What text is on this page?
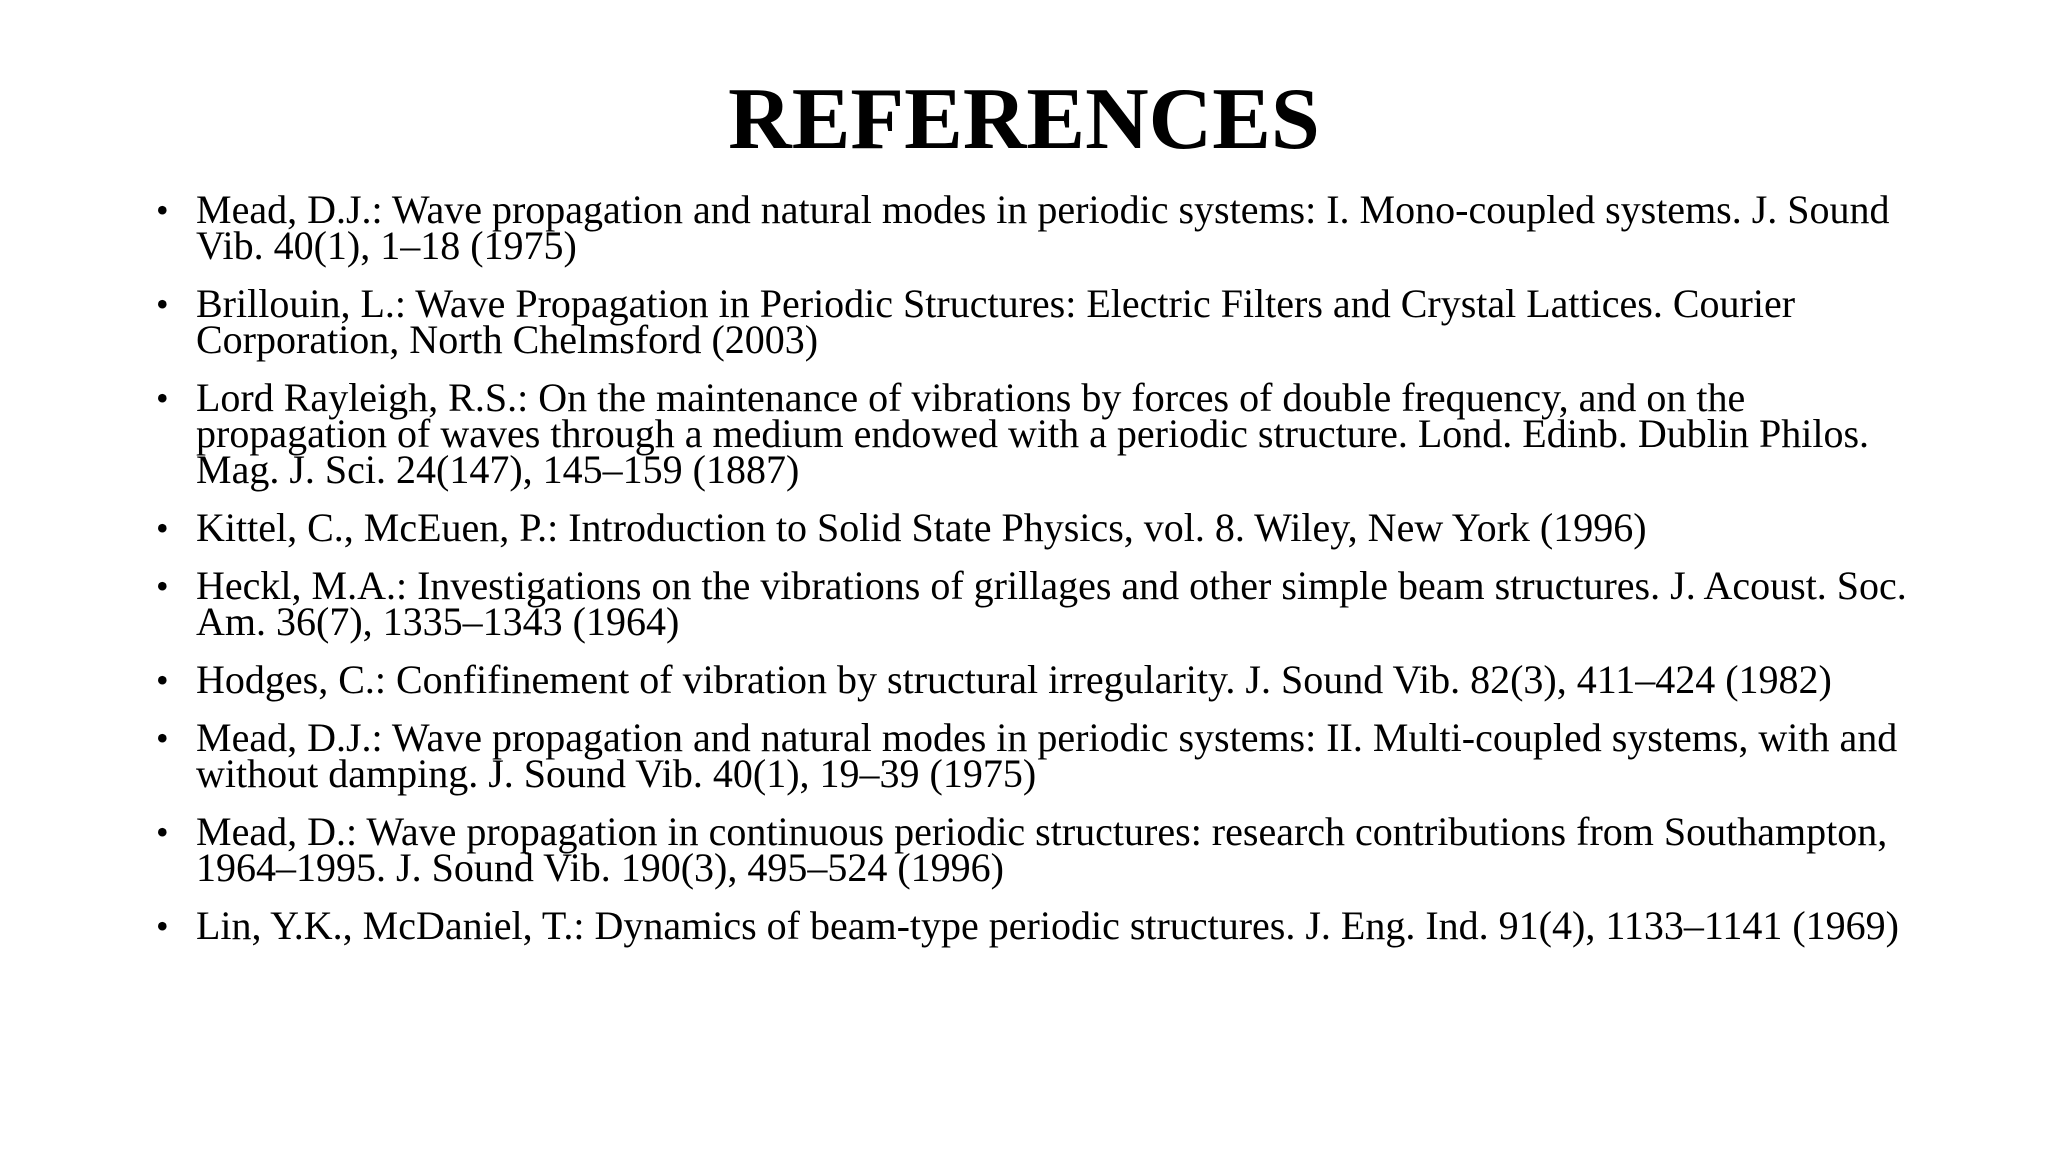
REFERENCES
• Mead, D.J.: Wave propagation and natural modes in periodic systems: I. Mono-coupled systems. J. Sound Vib. 40(1), 1–18 (1975)
• Brillouin, L.: Wave Propagation in Periodic Structures: Electric Filters and Crystal Lattices. Courier Corporation, North Chelmsford (2003)
• Lord Rayleigh, R.S.: On the maintenance of vibrations by forces of double frequency, and on the propagation of waves through a medium endowed with a periodic structure. Lond. Edinb. Dublin Philos. Mag. J. Sci. 24(147), 145–159 (1887)
• Kittel, C., McEuen, P.: Introduction to Solid State Physics, vol. 8. Wiley, New York (1996)
• Heckl, M.A.: Investigations on the vibrations of grillages and other simple beam structures. J. Acoust. Soc. Am. 36(7), 1335–1343 (1964)
• Hodges, C.: Confifinement of vibration by structural irregularity. J. Sound Vib. 82(3), 411–424 (1982)
• Mead, D.J.: Wave propagation and natural modes in periodic systems: II. Multi-coupled systems, with and without damping. J. Sound Vib. 40(1), 19–39 (1975)
• Mead, D.: Wave propagation in continuous periodic structures: research contributions from Southampton, 1964–1995. J. Sound Vib. 190(3), 495–524 (1996)
• Lin, Y.K., McDaniel, T.: Dynamics of beam-type periodic structures. J. Eng. Ind. 91(4), 1133–1141 (1969)
